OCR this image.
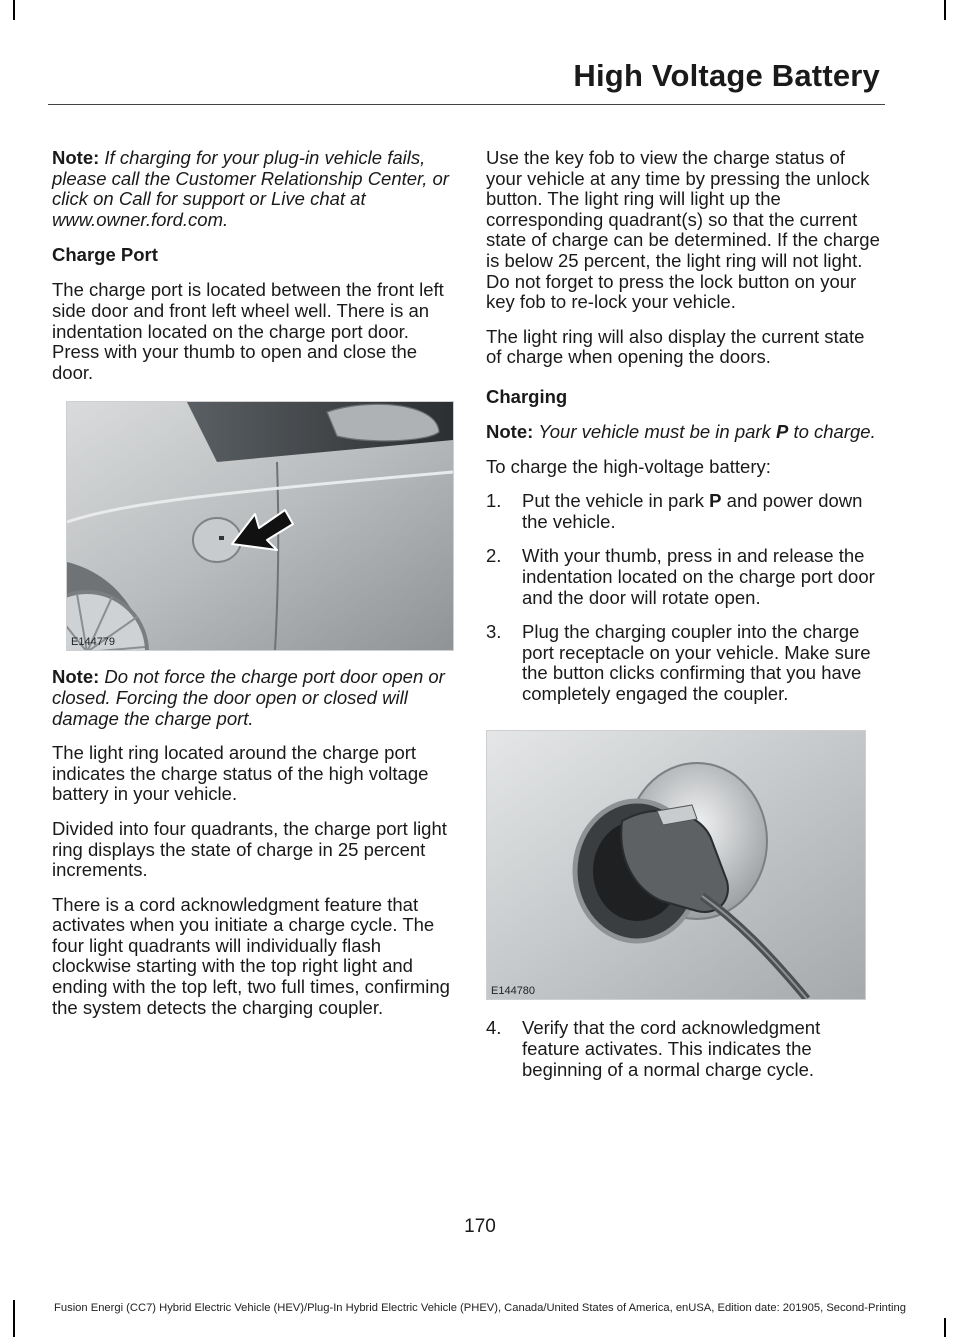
High Voltage Battery

Note: If charging for your plug-in vehicle fails, please call the Customer Relationship Center, or click on Call for support or Live chat at www.owner.ford.com.

Charge Port

The charge port is located between the front left side door and front left wheel well. There is an indentation located on the charge port door. Press with your thumb to open and close the door.

E144779

Note: Do not force the charge port door open or closed. Forcing the door open or closed will damage the charge port.

The light ring located around the charge port indicates the charge status of the high voltage battery in your vehicle.

Divided into four quadrants, the charge port light ring displays the state of charge in 25 percent increments.

There is a cord acknowledgment feature that activates when you initiate a charge cycle. The four light quadrants will individually flash clockwise starting with the top right light and ending with the top left, two full times, confirming the system detects the charging coupler.

Use the key fob to view the charge status of your vehicle at any time by pressing the unlock button. The light ring will light up the corresponding quadrant(s) so that the current state of charge can be determined. If the charge is below 25 percent, the light ring will not light. Do not forget to press the lock button on your key fob to re-lock your vehicle.

The light ring will also display the current state of charge when opening the doors.

Charging

Note: Your vehicle must be in park P to charge.

To charge the high-voltage battery:

1. Put the vehicle in park P and power down the vehicle.
2. With your thumb, press in and release the indentation located on the charge port door and the door will rotate open.
3. Plug the charging coupler into the charge port receptacle on your vehicle. Make sure the button clicks confirming that you have completely engaged the coupler.
E144780
4. Verify that the cord acknowledgment feature activates. This indicates the beginning of a normal charge cycle.
170
Fusion Energi (CC7) Hybrid Electric Vehicle (HEV)/Plug-In Hybrid Electric Vehicle (PHEV), Canada/United States of America, enUSA, Edition date: 201905, Second-Printing
